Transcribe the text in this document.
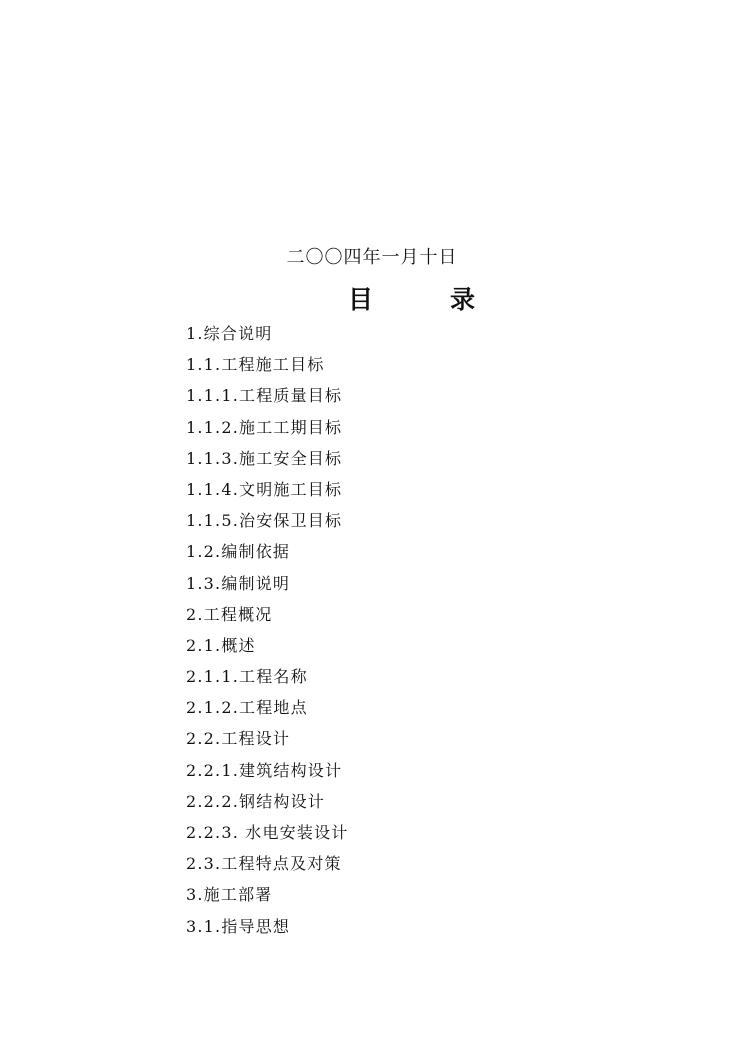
二〇〇四年一月十日
目	录
1.综合说明
1.1.工程施工目标
1.1.1.工程质量目标
1.1.2.施工工期目标
1.1.3.施工安全目标
1.1.4.文明施工目标
1.1.5.治安保卫目标
1.2.编制依据
1.3.编制说明
2.工程概况
2.1.概述
2.1.1.工程名称
2.1.2.工程地点
2.2.工程设计
2.2.1.建筑结构设计
2.2.2.钢结构设计
2.2.3. 水电安装设计
2.3.工程特点及对策
3.施工部署
3.1.指导思想
